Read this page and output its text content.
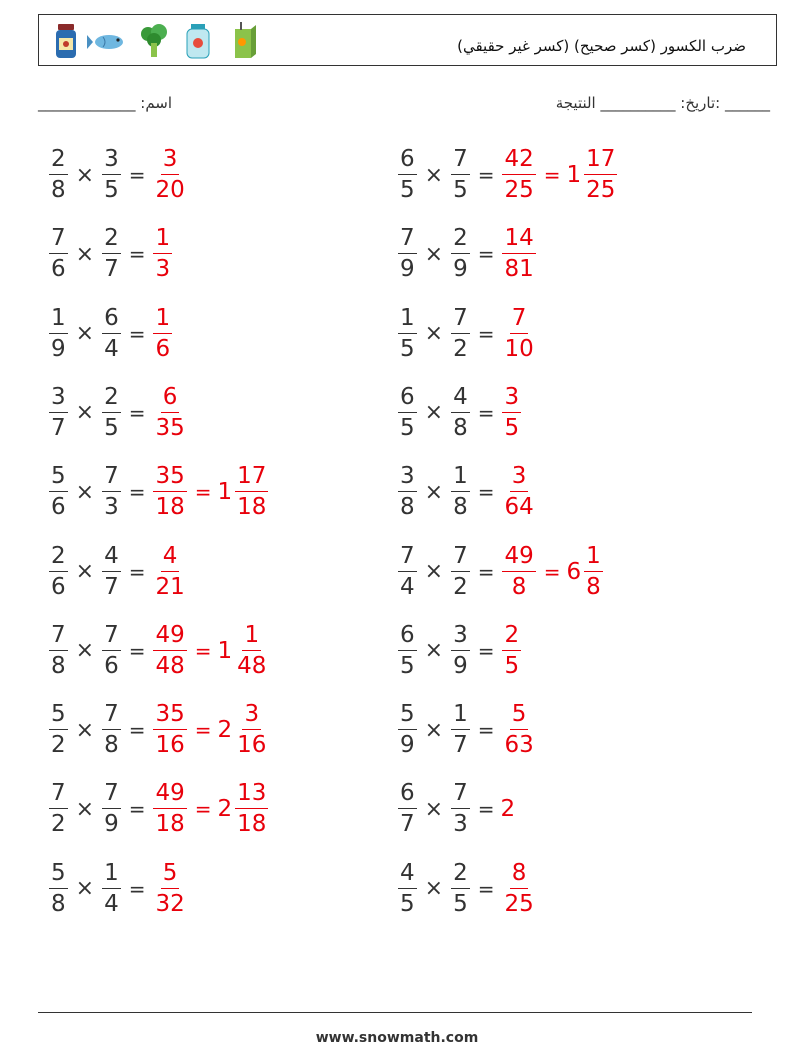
ضرب الكسور (كسر صحيح) (كسر غير حقيقي)
اسم: _____________	______ :تاريخ: __________ النتيجة
$\frac{2}{8} \times \frac{3}{5} = \frac{3}{20}$
$\frac{7}{6} \times \frac{2}{7} = \frac{1}{3}$
$\frac{1}{9} \times \frac{6}{4} = \frac{1}{6}$
$\frac{3}{7} \times \frac{2}{5} = \frac{6}{35}$
$\frac{5}{6} \times \frac{7}{3} = \frac{35}{18} = 1 \frac{17}{18}$
$\frac{2}{6} \times \frac{4}{7} = \frac{4}{21}$
$\frac{7}{8} \times \frac{7}{6} = \frac{49}{48} = 1 \frac{1}{48}$
$\frac{5}{2} \times \frac{7}{8} = \frac{35}{16} = 2 \frac{3}{16}$
$\frac{7}{2} \times \frac{7}{9} = \frac{49}{18} = 2 \frac{13}{18}$
$\frac{5}{8} \times \frac{1}{4} = \frac{5}{32}$
$\frac{6}{5} \times \frac{7}{5} = \frac{42}{25} = 1 \frac{17}{25}$
$\frac{7}{9} \times \frac{2}{9} = \frac{14}{81}$
$\frac{1}{5} \times \frac{7}{2} = \frac{7}{10}$
$\frac{6}{5} \times \frac{4}{8} = \frac{3}{5}$
$\frac{3}{8} \times \frac{1}{8} = \frac{3}{64}$
$\frac{7}{4} \times \frac{7}{2} = \frac{49}{8} = 6 \frac{1}{8}$
$\frac{6}{5} \times \frac{3}{9} = \frac{2}{5}$
$\frac{5}{9} \times \frac{1}{7} = \frac{5}{63}$
$\frac{6}{7} \times \frac{7}{3} = 2$
$\frac{4}{5} \times \frac{2}{5} = \frac{8}{25}$
www.snowmath.com
